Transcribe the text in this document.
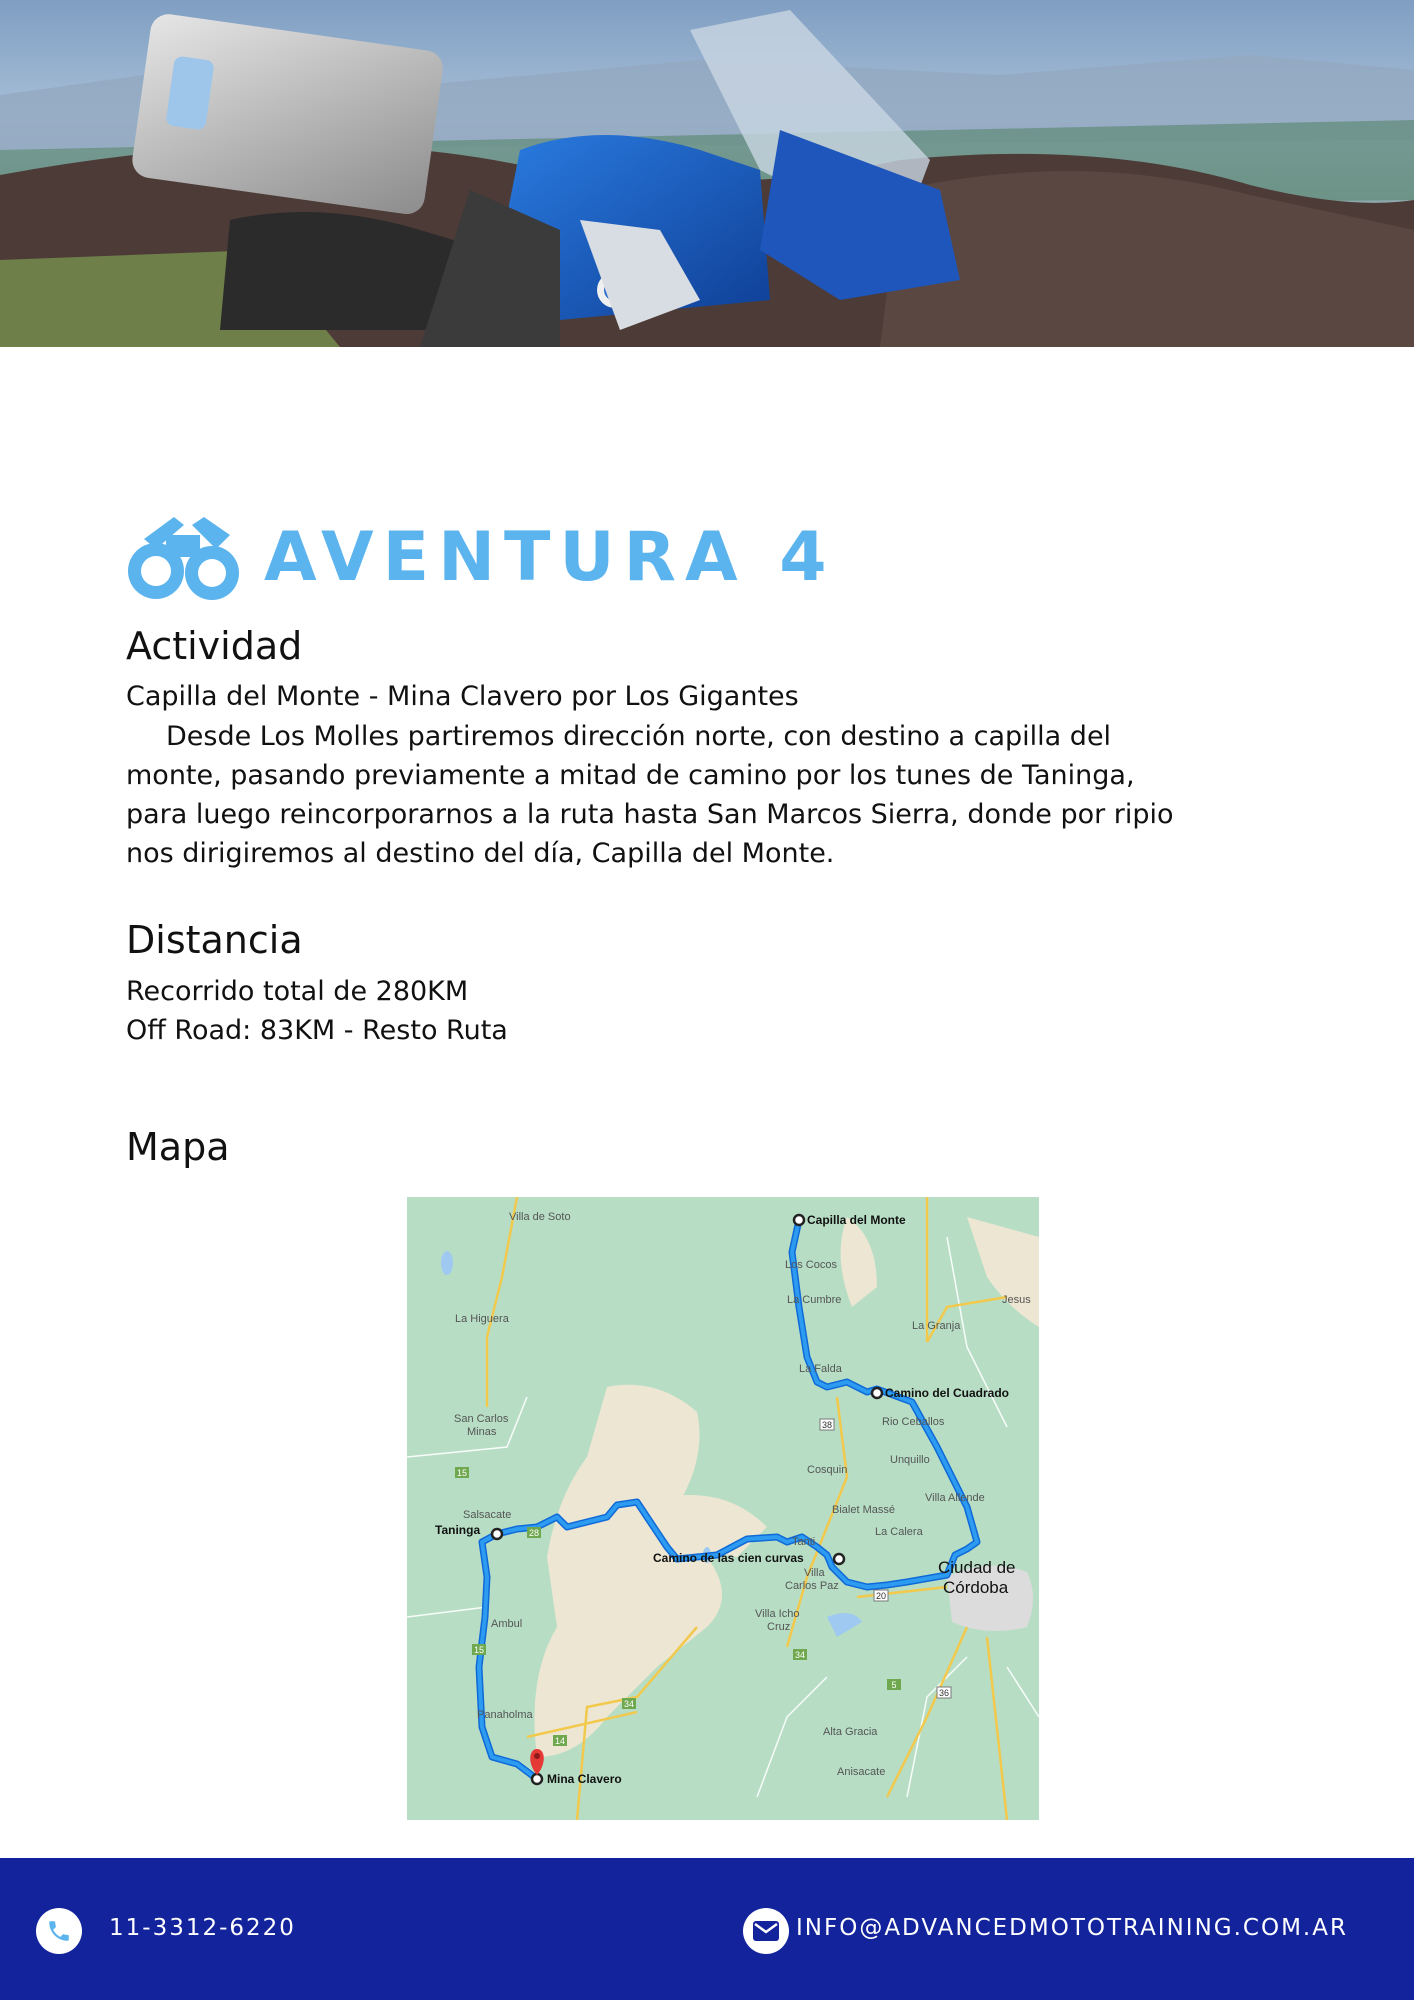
AVENTURA 4
Actividad
Capilla del Monte - Mina Clavero por Los Gigantes
Desde Los Molles partiremos dirección norte, con destino a capilla del
monte, pasando previamente a mitad de camino por los tunes de Taninga,
para luego reincorporarnos a la ruta hasta San Marcos Sierra, donde por ripio
nos dirigiremos al destino del día, Capilla del Monte.
Distancia
Recorrido total de 280KM
Off Road: 83KM - Resto Ruta
Mapa
38
15
15
28
20
34
34
14
5
36
Villa de Soto
Los Cocos
La Cumbre	Jesus
La Higuera
La Granja
La Falda
Rio Ceballos
San Carlos
Minas
Unquillo
Cosquin
Villa Allende
Salsacate	Bialet Massé
La Calera
Tanti
Villa
Carlos Paz
Ambul
Villa Icho
Cruz
Panaholma
Alta Gracia
Anisacate
Capilla del Monte
Camino del Cuadrado
Taninga
Camino de las cien curvas
Mina Clavero
Ciudad de
Córdoba
11-3312-6220	INFO@ADVANCEDMOTOTRAINING.COM.AR
